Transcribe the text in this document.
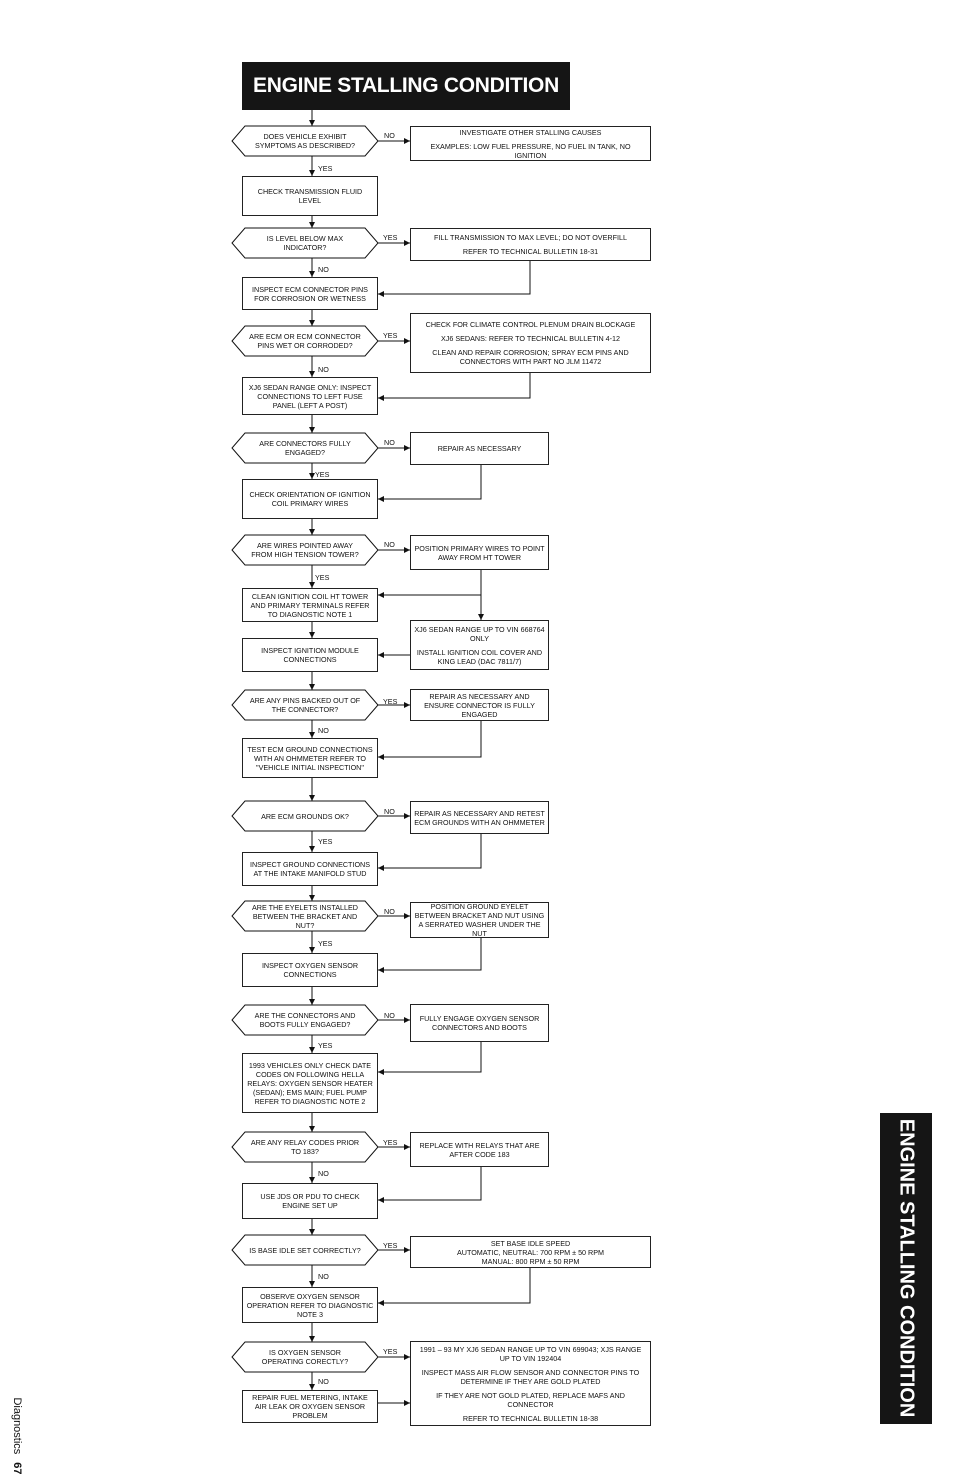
ENGINE STALLING CONDITION
DOES VEHICLE EXHIBIT SYMPTOMS AS DESCRIBED?
IS LEVEL BELOW MAX INDICATOR?
ARE ECM OR ECM CONNECTOR PINS WET OR CORRODED?
ARE CONNECTORS FULLY ENGAGED?
ARE WIRES POINTED AWAY FROM HIGH TENSION TOWER?
ARE ANY PINS BACKED OUT OF THE CONNECTOR?
ARE ECM GROUNDS OK?
ARE THE EYELETS INSTALLED BETWEEN THE BRACKET AND NUT?
ARE THE CONNECTORS AND BOOTS FULLY ENGAGED?
ARE ANY RELAY CODES PRIOR TO 183?
IS BASE IDLE SET CORRECTLY?
IS OXYGEN SENSOR OPERATING CORECTLY?
CHECK TRANSMISSION FLUID LEVEL
INSPECT ECM CONNECTOR PINS FOR CORROSION OR WETNESS
XJ6 SEDAN RANGE ONLY: INSPECT CONNECTIONS TO LEFT FUSE PANEL (LEFT A POST)
CHECK ORIENTATION OF IGNITION COIL PRIMARY WIRES
CLEAN IGNITION COIL HT TOWER AND PRIMARY TERMINALS REFER TO DIAGNOSTIC NOTE 1
INSPECT IGNITION MODULE CONNECTIONS
TEST ECM GROUND CONNECTIONS WITH AN OHMMETER REFER TO "VEHICLE INITIAL INSPECTION"
INSPECT GROUND CONNECTIONS AT THE INTAKE MANIFOLD STUD
INSPECT OXYGEN SENSOR CONNECTIONS
1993 VEHICLES ONLY CHECK DATE CODES ON FOLLOWING HELLA RELAYS: OXYGEN SENSOR HEATER (SEDAN); EMS MAIN; FUEL PUMP REFER TO DIAGNOSTIC NOTE 2
USE JDS OR PDU TO CHECK ENGINE SET UP
OBSERVE OXYGEN SENSOR OPERATION REFER TO DIAGNOSTIC NOTE 3
REPAIR FUEL METERING, INTAKE AIR LEAK OR OXYGEN SENSOR PROBLEM
INVESTIGATE OTHER STALLING CAUSES
EXAMPLES: LOW FUEL PRESSURE, NO FUEL IN TANK, NO IGNITION
FILL TRANSMISSION TO MAX LEVEL; DO NOT OVERFILL
REFER TO TECHNICAL BULLETIN 18-31
CHECK FOR CLIMATE CONTROL PLENUM DRAIN BLOCKAGE
XJ6 SEDANS: REFER TO TECHNICAL BULLETIN 4-12
CLEAN AND REPAIR CORROSION; SPRAY ECM PINS AND CONNECTORS WITH PART NO JLM 11472
REPAIR AS NECESSARY
POSITION PRIMARY WIRES TO POINT AWAY FROM HT TOWER
XJ6 SEDAN RANGE UP TO VIN 668764 ONLY
INSTALL IGNITION COIL COVER AND KING LEAD (DAC 7811/7)
REPAIR AS NECESSARY AND ENSURE CONNECTOR IS FULLY ENGAGED
REPAIR AS NECESSARY AND RETEST ECM GROUNDS WITH AN OHMMETER
POSITION GROUND EYELET BETWEEN BRACKET AND NUT USING A SERRATED WASHER UNDER THE NUT
FULLY ENGAGE OXYGEN SENSOR CONNECTORS AND BOOTS
REPLACE WITH RELAYS THAT ARE AFTER CODE 183
SET BASE IDLE SPEED
AUTOMATIC, NEUTRAL: 700 RPM ± 50 RPM
MANUAL: 800 RPM ± 50 RPM
1991 – 93 MY XJ6 SEDAN RANGE UP TO VIN 699043; XJS RANGE UP TO VIN 192404
INSPECT MASS AIR FLOW SENSOR AND CONNECTOR PINS TO DETERMINE IF THEY ARE GOLD PLATED
IF THEY ARE NOT GOLD PLATED, REPLACE MAFS AND CONNECTOR
REFER TO TECHNICAL BULLETIN 18-38
NO
YES
YES
NO
YES
NO
NO
YES
NO
YES
YES
NO
NO
YES
NO
YES
NO
YES
YES
NO
YES
NO
YES
NO	ENGINE STALLING CONDITION
Diagnostics67
